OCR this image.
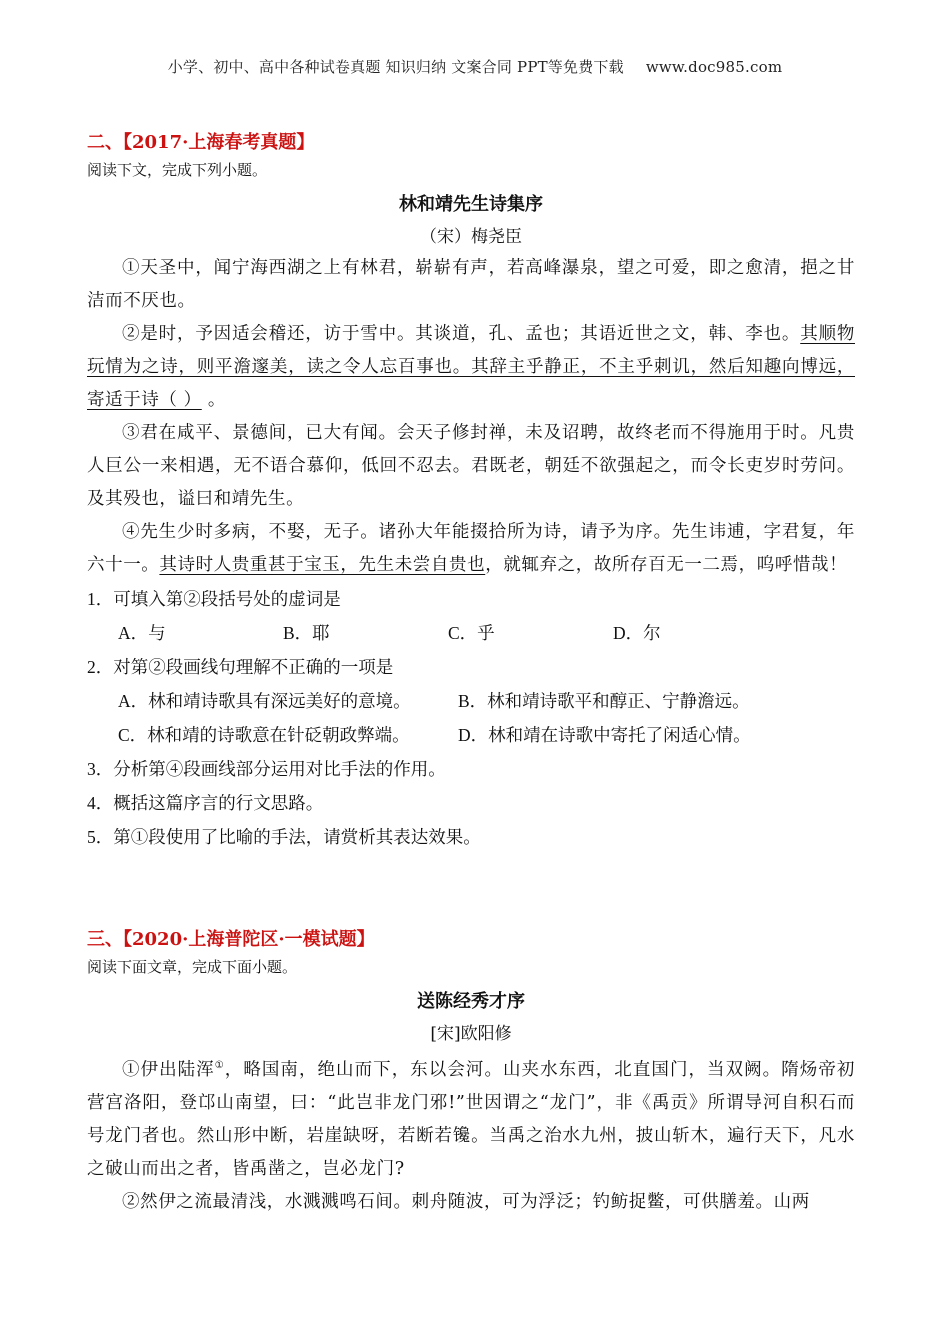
小学、初中、高中各种试卷真题 知识归纳 文案合同 PPT等免费下载 www.doc985.com

二、【2017·上海春考真题】

阅读下文，完成下列小题。

林和靖先生诗集序
（宋）梅尧臣

①天圣中，闻宁海西湖之上有林君，崭崭有声，若高峰瀑泉，望之可爱，即之愈清，挹之甘洁而不厌也。

②是时，予因适会稽还，访于雪中。其谈道，孔、孟也；其语近世之文，韩、李也。其顺物玩情为之诗，则平澹邃美，读之令人忘百事也。其辞主乎静正，不主乎刺讥，然后知趣向博远，寄适于诗（ ） 。

③君在咸平、景德间，已大有闻。会天子修封禅，未及诏聘，故终老而不得施用于时。凡贵人巨公一来相遇，无不语合慕仰，低回不忍去。君既老，朝廷不欲强起之，而令长吏岁时劳问。及其殁也，谥曰和靖先生。

④先生少时多病，不娶，无子。诸孙大年能掇拾所为诗，请予为序。先生讳逋，字君复，年六十一。其诗时人贵重甚于宝玉，先生未尝自贵也，就辄弃之，故所存百无一二焉，呜呼惜哉！

1．可填入第②段括号处的虚词是

A．与	B．耶	C．乎	D．尔

2．对第②段画线句理解不正确的一项是

A．林和靖诗歌具有深远美好的意境。	B．林和靖诗歌平和醇正、宁静澹远。
C．林和靖的诗歌意在针砭朝政弊端。	D．林和靖在诗歌中寄托了闲适心情。

3．分析第④段画线部分运用对比手法的作用。

4．概括这篇序言的行文思路。

5．第①段使用了比喻的手法，请赏析其表达效果。

三、【2020·上海普陀区·一模试题】

阅读下面文章，完成下面小题。

送陈经秀才序
[宋]欧阳修

①伊出陆浑①，略国南，绝山而下，东以会河。山夹水东西，北直国门，当双阙。隋炀帝初营宫洛阳，登邙山南望，曰：“此岂非龙门邪!”世因谓之“龙门”，非《禹贡》所谓导河自积石而号龙门者也。然山形中断，岩崖缺呀，若断若镵。当禹之治水九州，披山斩木，遍行天下，凡水之破山而出之者，皆禹凿之，岂必龙门?

②然伊之流最清浅，水溅溅鸣石间。刺舟随波，可为浮泛；钓鲂捉鳖，可供膳羞。山两
